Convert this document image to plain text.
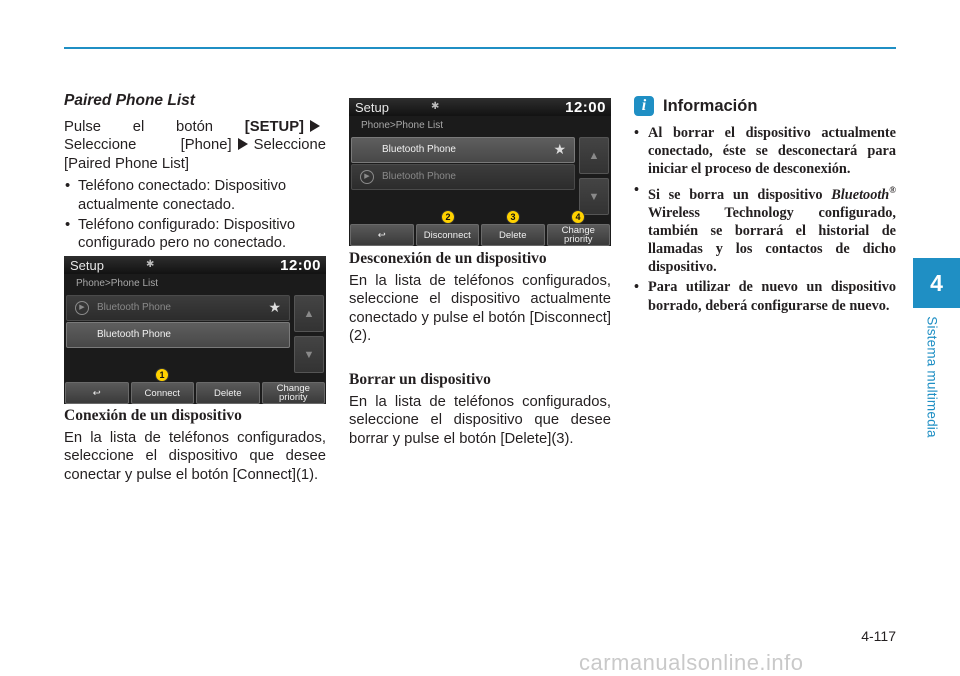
Paired Phone List

Pulse el botón [SETUP]
Seleccione [Phone] Seleccione
[Paired Phone List]

• Teléfono conectado: Dispositivo actualmente conectado.
• Teléfono configurado: Dispositivo configurado pero no conectado.
Setup	✱	12:00
Phone>Phone List
▶	Bluetooth Phone	★
Bluetooth Phone
▲
▼
1
↩	Connect	Delete	Change
priority
Conexión de un dispositivo

En la lista de teléfonos configurados, seleccione el dispositivo que desee conectar y pulse el botón [Connect](1).

Setup	✱	12:00
Phone>Phone List
Bluetooth Phone	★
▶	Bluetooth Phone
▲
▼
2	3	4
↩	Disconnect	Delete	Change
priority
Desconexión de un dispositivo

En la lista de teléfonos configurados, seleccione el dispositivo actualmente conectado y pulse el botón [Disconnect](2).

Borrar un dispositivo

En la lista de teléfonos configurados, seleccione el dispositivo que desee borrar y pulse el botón [Delete](3).

i	Información
• Al borrar el dispositivo actualmente conectado, éste se desconectará para iniciar el proceso de desconexión.
• Si se borra un dispositivo Bluetooth® Wireless Technology configurado, también se borrará el historial de llamadas y los contactos de dicho dispositivo.
• Para utilizar de nuevo un dispositivo borrado, deberá configurarse de nuevo.
4
Sistema multimedia
4-117
carmanualsonline.info
